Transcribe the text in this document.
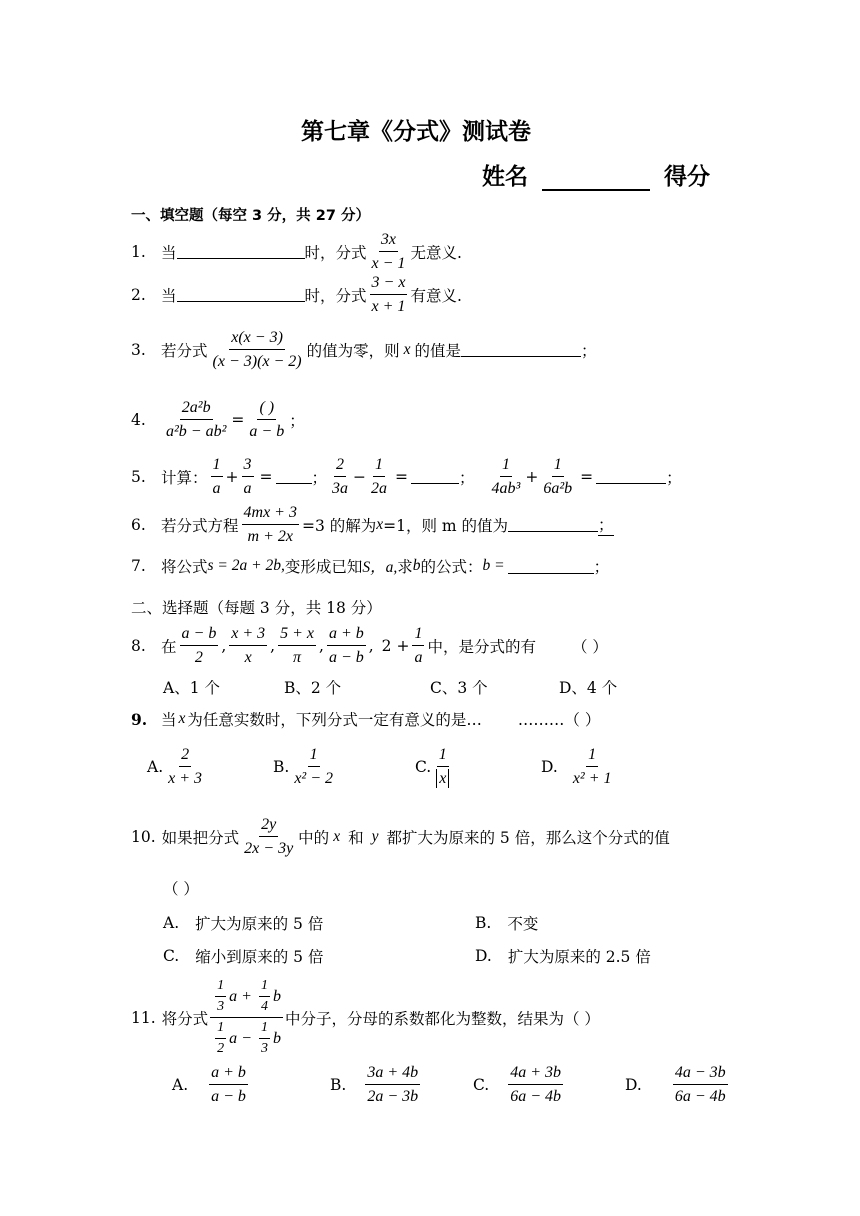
第七章《分式》测试卷
姓名	得分
一、填空题（每空 3 分，共 27 分）
1. 当	时，分式 $\frac{3x}{x - 1}$ 无意义.
2. 当	时，分式 $\frac{3 - x}{x + 1}$ 有意义.
3. 若分式 $\frac{x(x - 3)}{(x - 3)(x - 2)}$ 的值为零，则 x 的值是	；
4.	$\frac{\text{2a²b}}{\text{a²b − ab²}} = \frac{( )}{a - b}$ ；
5. 计算： $\frac{1}{a} + \frac{3}{a}$ =	； $\frac{2}{3a} - \frac{1}{2a}$ =	； $\frac{1}{\text{4ab³}} + \frac{1}{\text{6a²b}}$ =	；
6. 若分式方程 $\frac{4mx + 3}{m + 2x} =3$ 的解为 x =1，则 m 的值为	；
7. 将公式 s = 2a + 2b, 变形成已知 S，a, 求 b 的公式： b =	；
二、选择题（每题 3 分，共 18 分）
8. 在 $\frac{a - b}{2}$ , $\frac{x + 3}{x}$ , $\frac{5 + x}{\pi}$ , $\frac{a + b}{a - b}$ , $2 + \frac{1}{a}$ 中，是分式的有 （ ）
A、1 个	B、2 个	C、3 个	D、4 个
9. 当 x 为任意实数时，下列分式一定有意义的是… ………（ ）
A. $\frac{2}{x + 3}$	B. $\frac{1}{\text{x² − 2}}$	C. $\frac{1}{x}$	D. $\frac{1}{\text{x² + 1}}$
10. 如果把分式 $\frac{2y}{2x - 3y}$ 中的 x 和 y 都扩大为原来的 5 倍，那么这个分式的值
（ ）
A. 扩大为原来的 5 倍	B. 不变
C. 缩小到原来的 5 倍	D. 扩大为原来的 2.5 倍
11. 将分式 $\frac{\frac{1}{3} a + \frac{1}{4} b}{\frac{1}{2} a - \frac{1}{3} b}$ 中分子，分母的系数都化为整数，结果为（ ）
A. $\frac{a + b}{a - b}$	B. $\frac{3a + 4b}{2a - 3b}$	C. $\frac{4a + 3b}{6a - 4b}$	D. $\frac{4a - 3b}{6a - 4b}$
